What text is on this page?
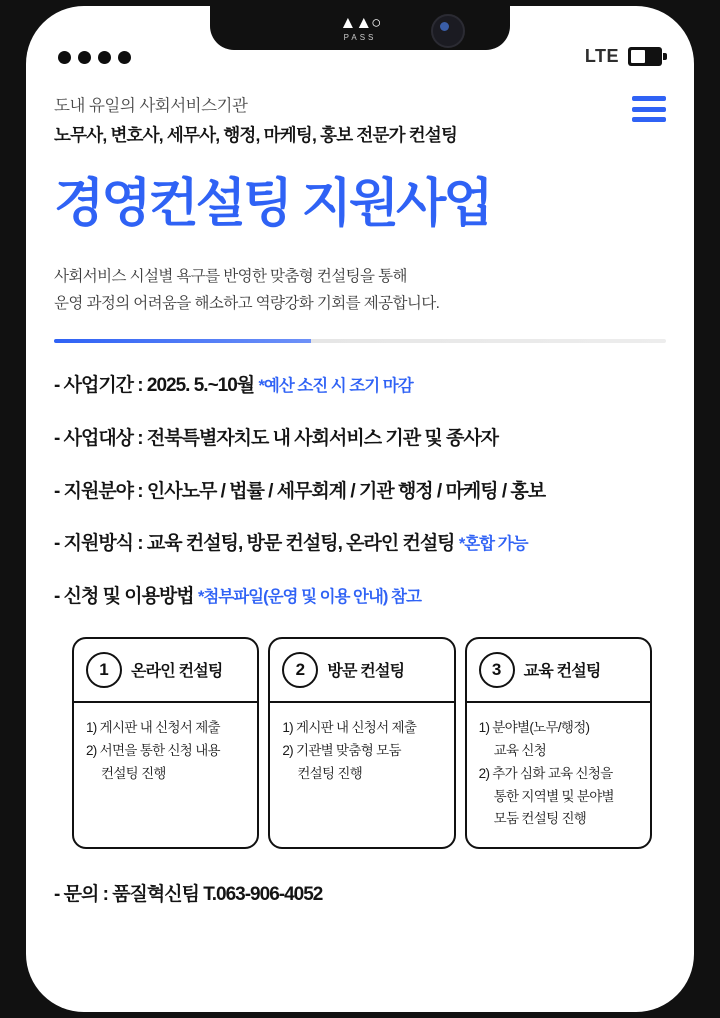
▲▲○
PASS
LTE

도내 유일의 사회서비스기관

노무사, 변호사, 세무사, 행정, 마케팅, 홍보 전문가 컨설팅

경영컨설팅 지원사업

사회서비스 시설별 욕구를 반영한 맞춤형 컨설팅을 통해
운영 과정의 어려움을 해소하고 역량강화 기회를 제공합니다.

- 사업기간 : 2025. 5.~10월 *예산 소진 시 조기 마감
- 사업대상 : 전북특별자치도 내 사회서비스 기관 및 종사자
- 지원분야 : 인사노무 / 법률 / 세무회계 / 기관 행정 / 마케팅 / 홍보
- 지원방식 : 교육 컨설팅, 방문 컨설팅, 온라인 컨설팅 *혼합 가능
- 신청 및 이용방법 *첨부파일(운영 및 이용 안내) 참고
1	온라인 컨설팅
1) 게시판 내 신청서 제출
2) 서면을 통한 신청 내용
컨설팅 진행
2	방문 컨설팅
1) 게시판 내 신청서 제출
2) 기관별 맞춤형 모둠
컨설팅 진행
3	교육 컨설팅
1) 분야별(노무/행정)
교육 신청
2) 추가 심화 교육 신청을
통한 지역별 및 분야별
모둠 컨설팅 진행
- 문의 : 품질혁신팀 T.063-906-4052
